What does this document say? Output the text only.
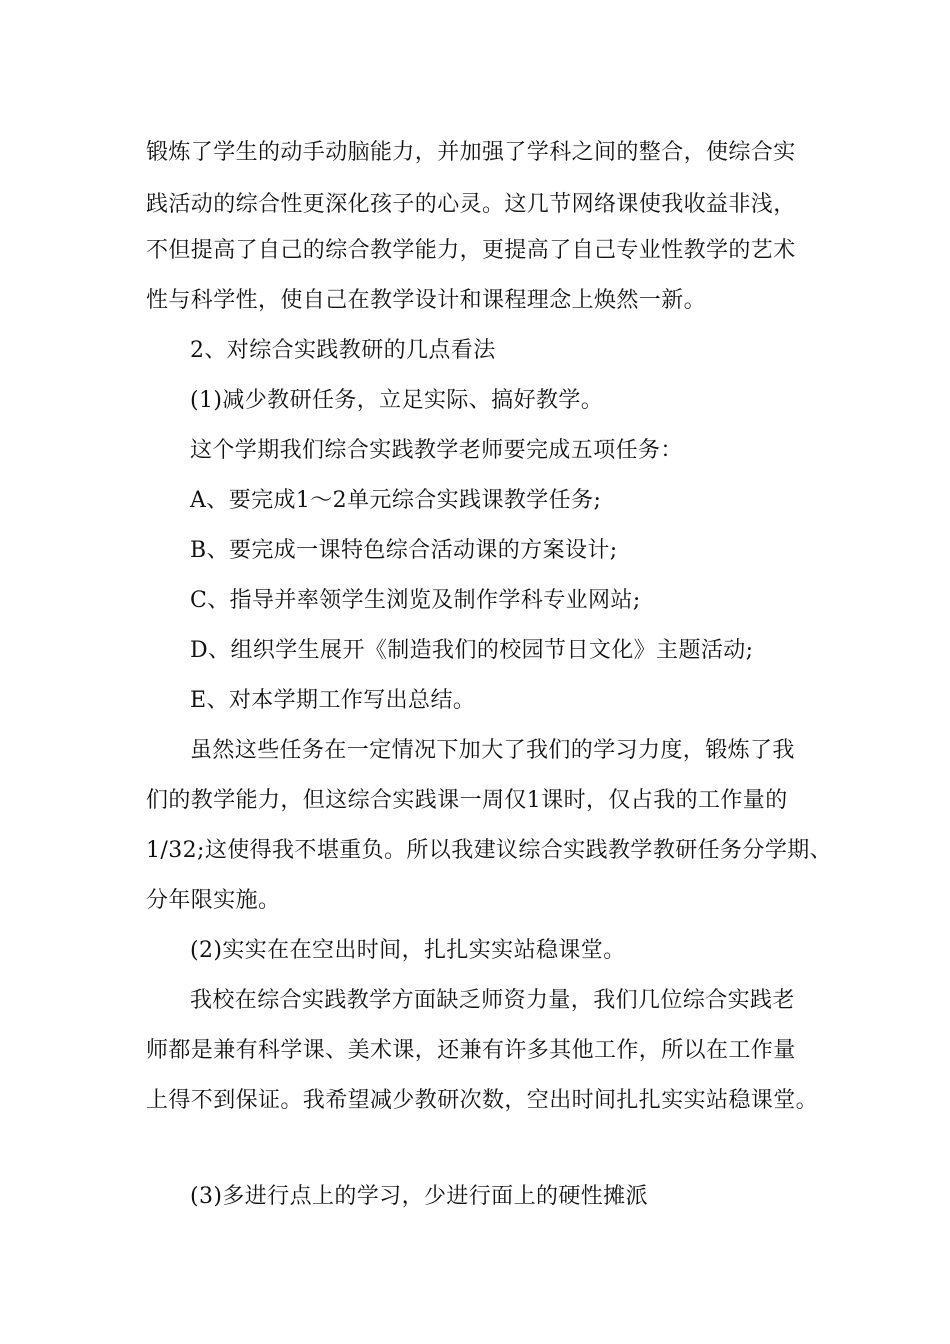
锻炼了学生的动手动脑能力，并加强了学科之间的整合，使综合实
践活动的综合性更深化孩子的心灵。这几节网络课使我收益非浅，
不但提高了自己的综合教学能力，更提高了自己专业性教学的艺术
性与科学性，使自己在教学设计和课程理念上焕然一新。
2、对综合实践教研的几点看法
(1)减少教研任务，立足实际、搞好教学。
这个学期我们综合实践教学老师要完成五项任务：
A、要完成1～2单元综合实践课教学任务;
B、要完成一课特色综合活动课的方案设计;
C、指导并率领学生浏览及制作学科专业网站;
D、组织学生展开《制造我们的校园节日文化》主题活动;
E、对本学期工作写出总结。
虽然这些任务在一定情况下加大了我们的学习力度，锻炼了我
们的教学能力，但这综合实践课一周仅1课时，仅占我的工作量的
1/32;这使得我不堪重负。所以我建议综合实践教学教研任务分学期、
分年限实施。
(2)实实在在空出时间，扎扎实实站稳课堂。
我校在综合实践教学方面缺乏师资力量，我们几位综合实践老
师都是兼有科学课、美术课，还兼有许多其他工作，所以在工作量
上得不到保证。我希望减少教研次数，空出时间扎扎实实站稳课堂。
(3)多进行点上的学习，少进行面上的硬性摊派
